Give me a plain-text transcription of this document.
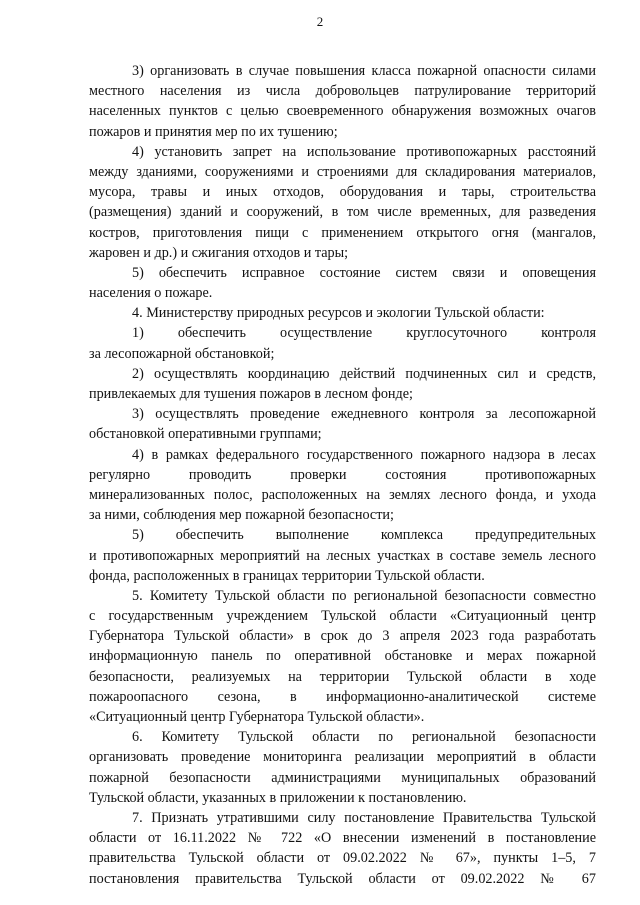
2
3) организовать в случае повышения класса пожарной опасности силами
местного населения из числа добровольцев патрулирование территорий
населенных пунктов с целью своевременного обнаружения возможных очагов
пожаров и принятия мер по их тушению;
4) установить запрет на использование противопожарных расстояний
между зданиями, сооружениями и строениями для складирования материалов,
мусора, травы и иных отходов, оборудования и тары, строительства
(размещения) зданий и сооружений, в том числе временных, для разведения
костров, приготовления пищи с применением открытого огня (мангалов,
жаровен и др.) и сжигания отходов и тары;
5) обеспечить исправное состояние систем связи и оповещения
населения о пожаре.
4. Министерству природных ресурсов и экологии Тульской области:
1) обеспечить осуществление круглосуточного контроля
за лесопожарной обстановкой;
2) осуществлять координацию действий подчиненных сил и средств,
привлекаемых для тушения пожаров в лесном фонде;
3) осуществлять проведение ежедневного контроля за лесопожарной
обстановкой оперативными группами;
4) в рамках федерального государственного пожарного надзора в лесах
регулярно проводить проверки состояния противопожарных
минерализованных полос, расположенных на землях лесного фонда, и ухода
за ними, соблюдения мер пожарной безопасности;
5) обеспечить выполнение комплекса предупредительных
и противопожарных мероприятий на лесных участках в составе земель лесного
фонда, расположенных в границах территории Тульской области.
5. Комитету Тульской области по региональной безопасности совместно
с государственным учреждением Тульской области «Ситуационный центр
Губернатора Тульской области» в срок до 3 апреля 2023 года разработать
информационную панель по оперативной обстановке и мерах пожарной
безопасности, реализуемых на территории Тульской области в ходе
пожароопасного сезона, в информационно-аналитической системе
«Ситуационный центр Губернатора Тульской области».
6. Комитету Тульской области по региональной безопасности
организовать проведение мониторинга реализации мероприятий в области
пожарной безопасности администрациями муниципальных образований
Тульской области, указанных в приложении к постановлению.
7. Признать утратившими силу постановление Правительства Тульской
области от 16.11.2022 № 722 «О внесении изменений в постановление
правительства Тульской области от 09.02.2022 № 67», пункты 1–5, 7
постановления правительства Тульской области от 09.02.2022 № 67
